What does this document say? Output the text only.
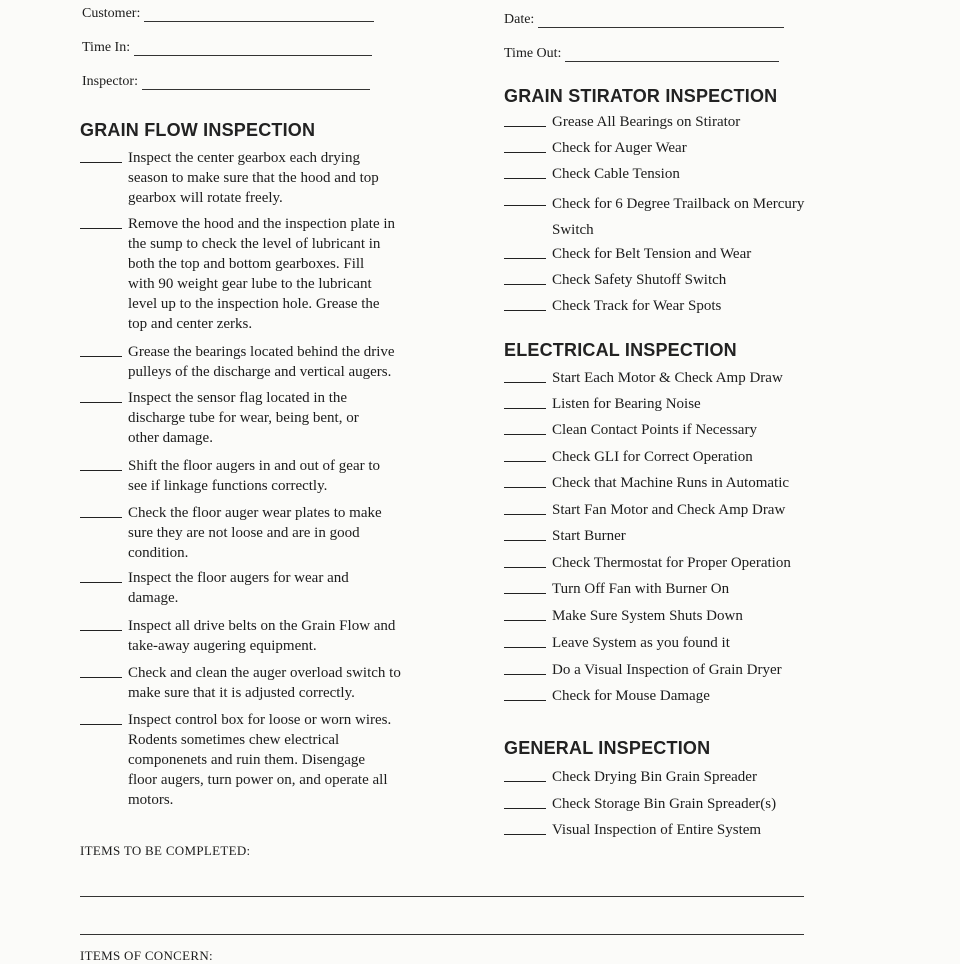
Customer:
Time In:
Inspector:
Date:
Time Out:
GRAIN FLOW INSPECTION
Inspect the center gearbox each drying
season to make sure that the hood and top
gearbox will rotate freely.
Remove the hood and the inspection plate in
the sump to check the level of lubricant in
both the top and bottom gearboxes. Fill
with 90 weight gear lube to the lubricant
level up to the inspection hole. Grease the
top and center zerks.
Grease the bearings located behind the drive
pulleys of the discharge and vertical augers.
Inspect the sensor flag located in the
discharge tube for wear, being bent, or
other damage.
Shift the floor augers in and out of gear to
see if linkage functions correctly.
Check the floor auger wear plates to make
sure they are not loose and are in good
condition.
Inspect the floor augers for wear and
damage.
Inspect all drive belts on the Grain Flow and
take-away augering equipment.
Check and clean the auger overload switch to
make sure that it is adjusted correctly.
Inspect control box for loose or worn wires.
Rodents sometimes chew electrical
componenets and ruin them. Disengage
floor augers, turn power on, and operate all
motors.
GRAIN STIRATOR INSPECTION
Grease All Bearings on Stirator
Check for Auger Wear
Check Cable Tension
Check for 6 Degree Trailback on Mercury
Switch
Check for Belt Tension and Wear
Check Safety Shutoff Switch
Check Track for Wear Spots
ELECTRICAL INSPECTION
Start Each Motor & Check Amp Draw
Listen for Bearing Noise
Clean Contact Points if Necessary
Check GLI for Correct Operation
Check that Machine Runs in Automatic
Start Fan Motor and Check Amp Draw
Start Burner
Check Thermostat for Proper Operation
Turn Off Fan with Burner On
Make Sure System Shuts Down
Leave System as you found it
Do a Visual Inspection of Grain Dryer
Check for Mouse Damage
GENERAL INSPECTION
Check Drying Bin Grain Spreader
Check Storage Bin Grain Spreader(s)
Visual Inspection of Entire System
ITEMS TO BE COMPLETED:
ITEMS OF CONCERN:
